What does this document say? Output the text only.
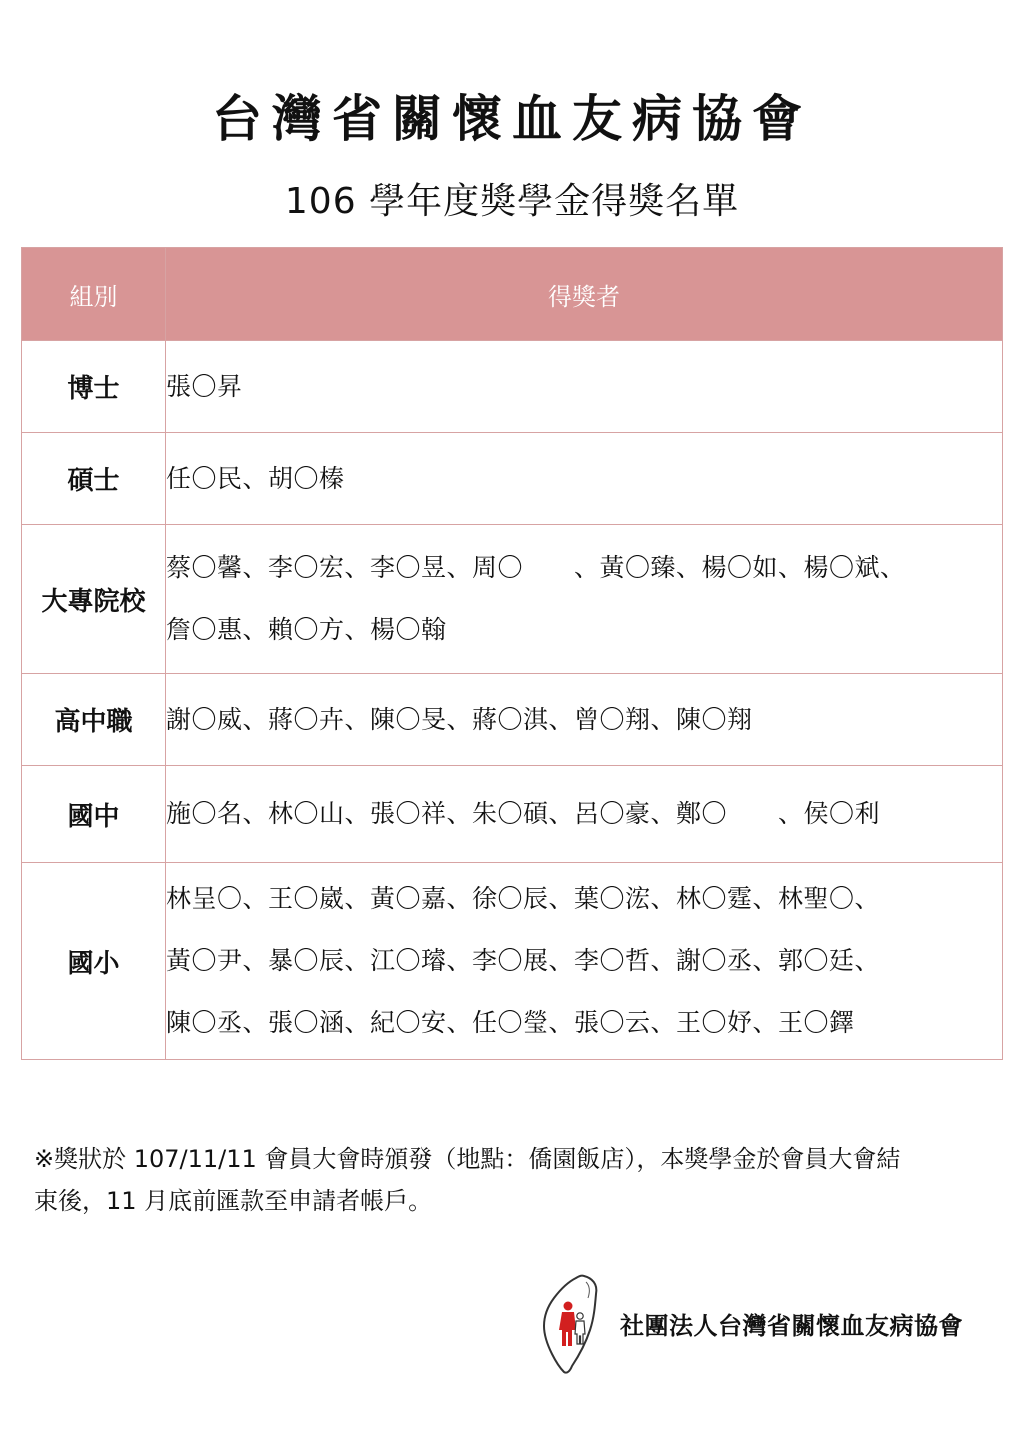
台灣省關懷血友病協會
106 學年度獎學金得獎名單
組別	得獎者
博士	張〇昇

碩士	任〇民、胡〇榛

大專院校	蔡〇馨、李〇宏、李〇昱、周〇　　、黃〇臻、楊〇如、楊〇斌、
詹〇惠、賴〇方、楊〇翰

高中職	謝〇威、蔣〇卉、陳〇旻、蔣〇淇、曾〇翔、陳〇翔

國中	施〇名、林〇山、張〇祥、朱〇碩、呂〇豪、鄭〇　　、侯〇利

國小	林呈〇、王〇崴、黃〇嘉、徐〇辰、葉〇浤、林〇霆、林聖〇、
黃〇尹、暴〇辰、江〇璿、李〇展、李〇哲、謝〇丞、郭〇廷、
陳〇丞、張〇涵、紀〇安、任〇瑩、張〇云、王〇妤、王〇鐸
※獎狀於 107/11/11 會員大會時頒發（地點：僑園飯店），本獎學金於會員大會結
束後，11 月底前匯款至申請者帳戶。
社團法人台灣省關懷血友病協會
